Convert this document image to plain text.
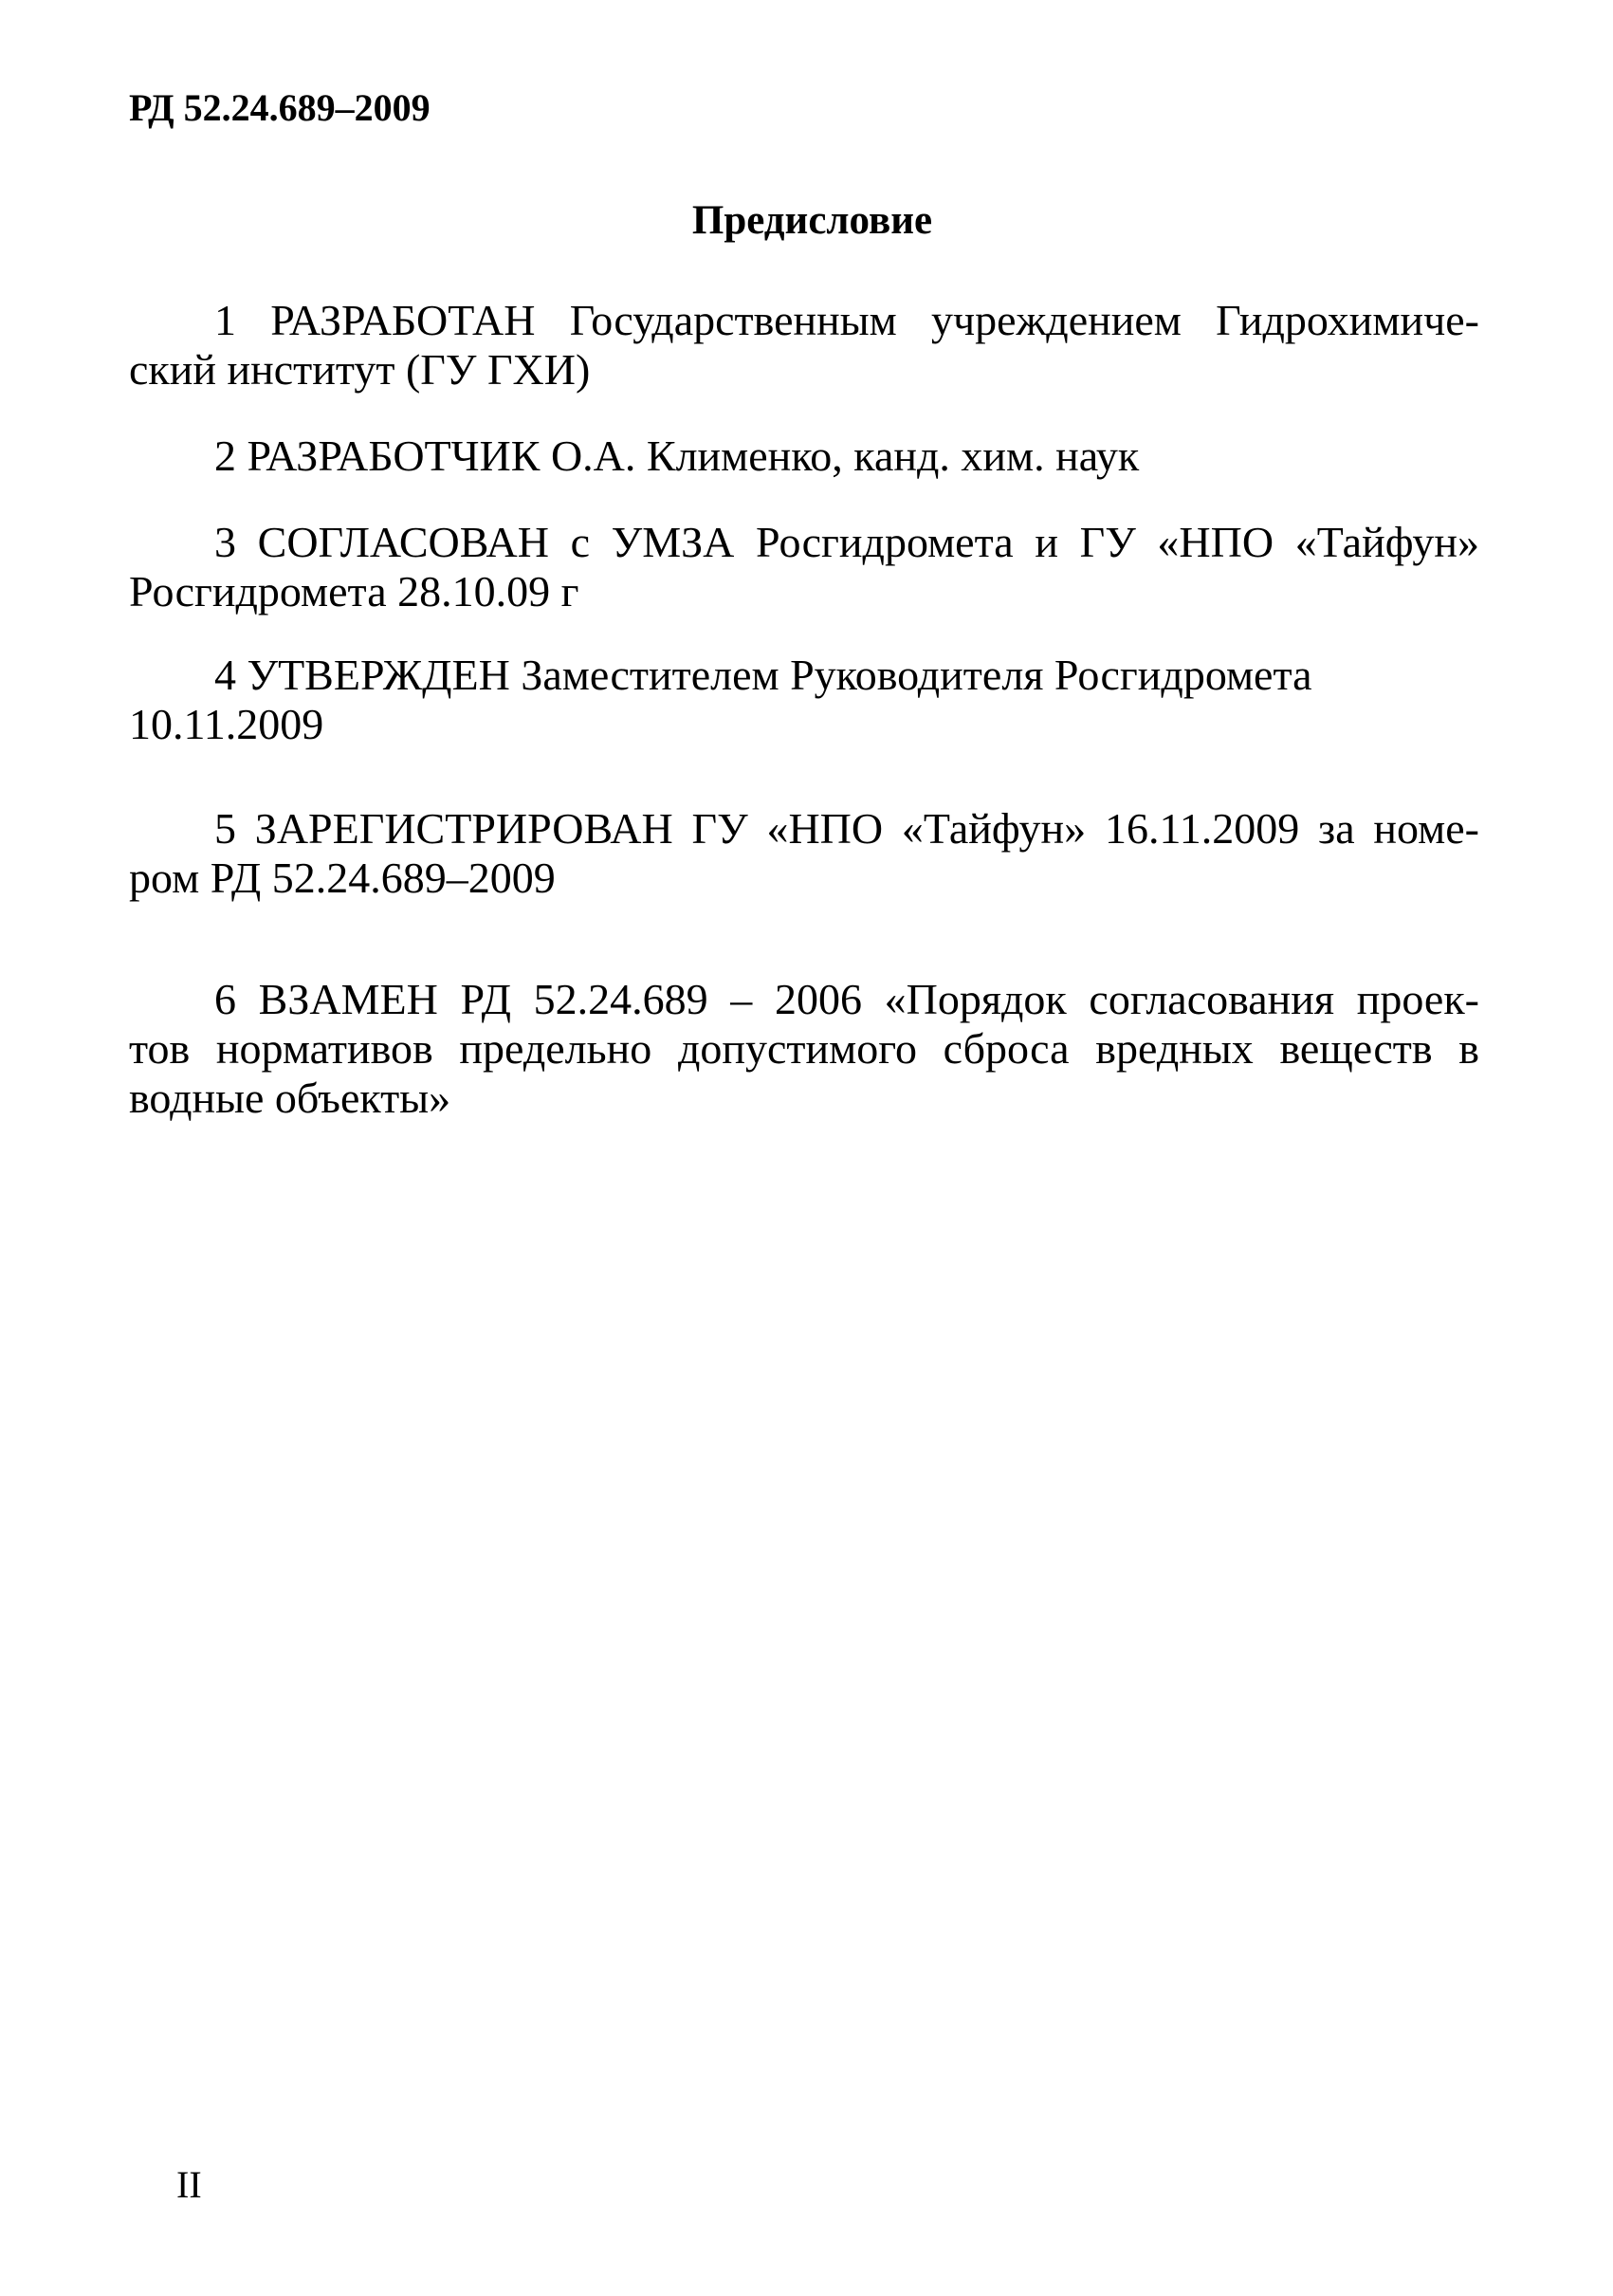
РД 52.24.689–2009
Предисловие
1 РАЗРАБОТАН Государственным учреждением Гидрохимиче-
ский институт (ГУ ГХИ)
2 РАЗРАБОТЧИК О.А. Клименко, канд. хим. наук
3 СОГЛАСОВАН с УМЗА Росгидромета и ГУ «НПО «Тайфун»
Росгидромета 28.10.09 г
4 УТВЕРЖДЕН Заместителем Руководителя Росгидромета
10.11.2009
5 ЗАРЕГИСТРИРОВАН ГУ «НПО «Тайфун» 16.11.2009 за номе-
ром РД 52.24.689–2009
6 ВЗАМЕН РД 52.24.689 – 2006 «Порядок согласования проек-
тов нормативов предельно допустимого сброса вредных веществ в
водные объекты»
II
